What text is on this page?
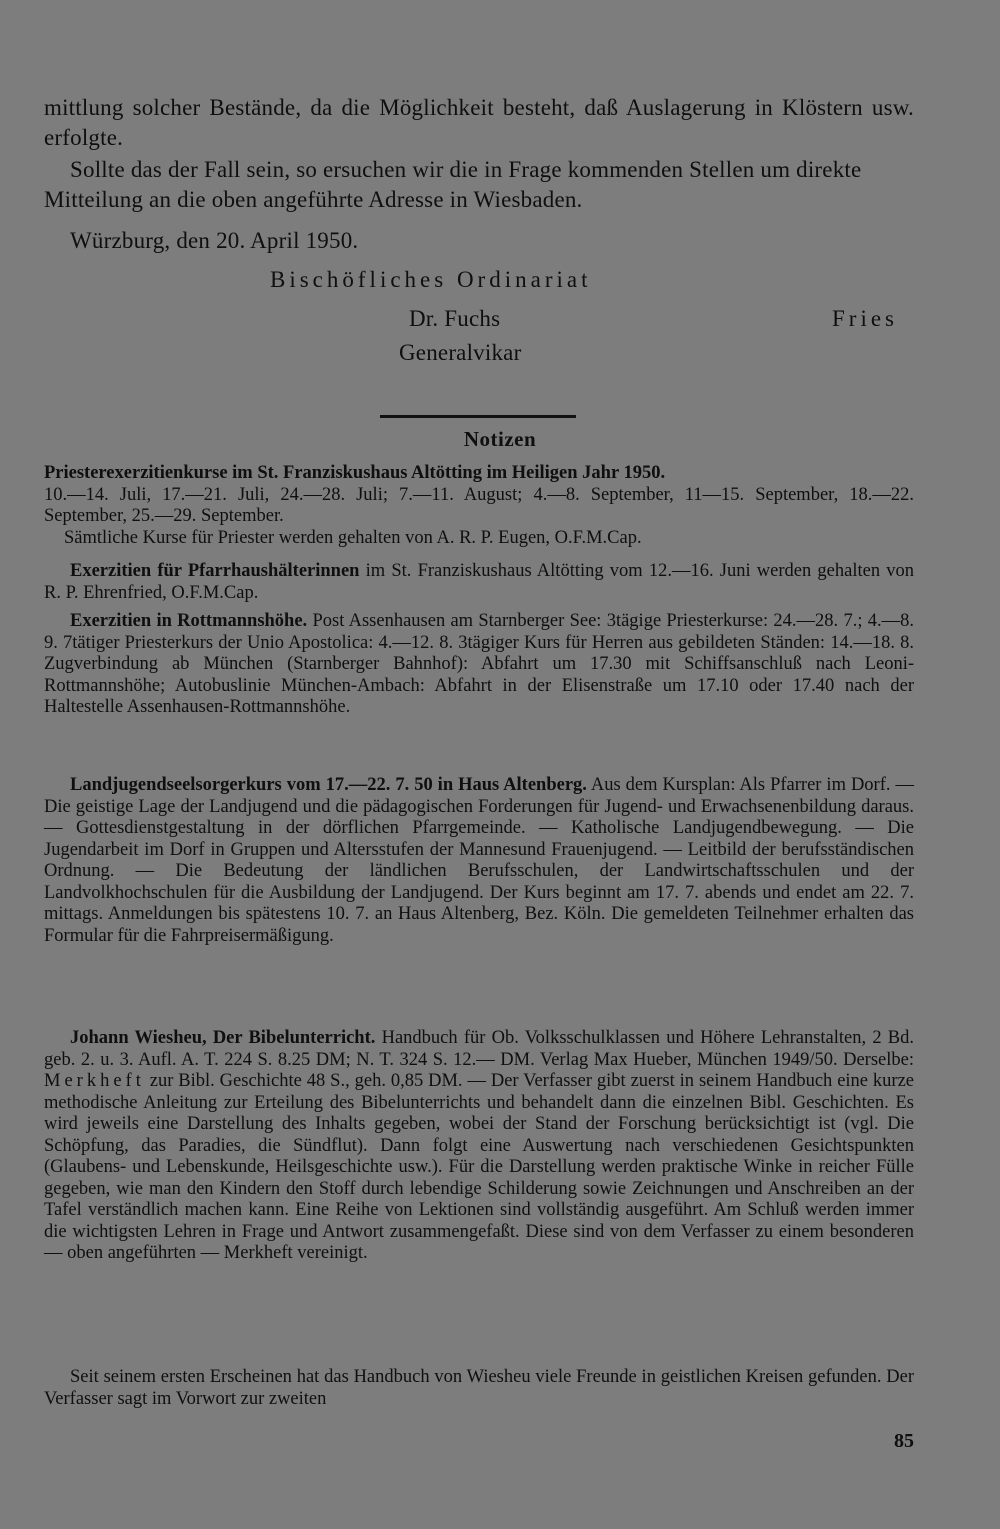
mittlung solcher Bestände, da die Möglichkeit besteht, daß Auslagerung in Klöstern usw. erfolgte.

Sollte das der Fall sein, so ersuchen wir die in Frage kommenden Stellen um direkte Mitteilung an die oben angeführte Adresse in Wiesbaden.

Würzburg, den 20. April 1950.

Bischöfliches Ordinariat
Dr. Fuchs	Fries
Generalvikar
Notizen
Priesterexerzitienkurse im St. Franziskushaus Altötting im Heiligen Jahr 1950.
10.—14. Juli, 17.—21. Juli, 24.—28. Juli; 7.—11. August; 4.—8. September, 11—15. September, 18.—22. September, 25.—29. September.
Sämtliche Kurse für Priester werden gehalten von A. R. P. Eugen, O.F.M.Cap.
Exerzitien für Pfarrhaushälterinnen im St. Franziskushaus Altötting vom 12.—16. Juni werden gehalten von R. P. Ehrenfried, O.F.M.Cap.
Exerzitien in Rottmannshöhe. Post Assenhausen am Starnberger See: 3tägige Priesterkurse: 24.—28. 7.; 4.—8. 9. 7tätiger Priesterkurs der Unio Apostolica: 4.—12. 8. 3tägiger Kurs für Herren aus gebildeten Ständen: 14.—18. 8. Zugverbindung ab München (Starnberger Bahnhof): Abfahrt um 17.30 mit Schiffsanschluß nach Leoni-Rottmannshöhe; Autobuslinie München-Ambach: Abfahrt in der Elisenstraße um 17.10 oder 17.40 nach der Haltestelle Assenhausen-Rottmannshöhe.
Landjugendseelsorgerkurs vom 17.—22. 7. 50 in Haus Altenberg. Aus dem Kursplan: Als Pfarrer im Dorf. — Die geistige Lage der Landjugend und die pädagogischen Forderungen für Jugend- und Erwachsenenbildung daraus. — Gottesdienstgestaltung in der dörflichen Pfarrgemeinde. — Katholische Landjugendbewegung. — Die Jugendarbeit im Dorf in Gruppen und Altersstufen der Mannesund Frauenjugend. — Leitbild der berufsständischen Ordnung. — Die Bedeutung der ländlichen Berufsschulen, der Landwirtschaftsschulen und der Landvolkhochschulen für die Ausbildung der Landjugend. Der Kurs beginnt am 17. 7. abends und endet am 22. 7. mittags. Anmeldungen bis spätestens 10. 7. an Haus Altenberg, Bez. Köln. Die gemeldeten Teilnehmer erhalten das Formular für die Fahrpreisermäßigung.
Johann Wiesheu, Der Bibelunterricht. Handbuch für Ob. Volksschulklassen und Höhere Lehranstalten, 2 Bd. geb. 2. u. 3. Aufl. A. T. 224 S. 8.25 DM; N. T. 324 S. 12.— DM. Verlag Max Hueber, München 1949/50. Derselbe: Merkheft zur Bibl. Geschichte 48 S., geh. 0,85 DM. — Der Verfasser gibt zuerst in seinem Handbuch eine kurze methodische Anleitung zur Erteilung des Bibelunterrichts und behandelt dann die einzelnen Bibl. Geschichten. Es wird jeweils eine Darstellung des Inhalts gegeben, wobei der Stand der Forschung berücksichtigt ist (vgl. Die Schöpfung, das Paradies, die Sündflut). Dann folgt eine Auswertung nach verschiedenen Gesichtspunkten (Glaubens- und Lebenskunde, Heilsgeschichte usw.). Für die Darstellung werden praktische Winke in reicher Fülle gegeben, wie man den Kindern den Stoff durch lebendige Schilderung sowie Zeichnungen und Anschreiben an der Tafel verständlich machen kann. Eine Reihe von Lektionen sind vollständig ausgeführt. Am Schluß werden immer die wichtigsten Lehren in Frage und Antwort zusammengefaßt. Diese sind von dem Verfasser zu einem besonderen — oben angeführten — Merkheft vereinigt.
Seit seinem ersten Erscheinen hat das Handbuch von Wiesheu viele Freunde in geistlichen Kreisen gefunden. Der Verfasser sagt im Vorwort zur zweiten
85
